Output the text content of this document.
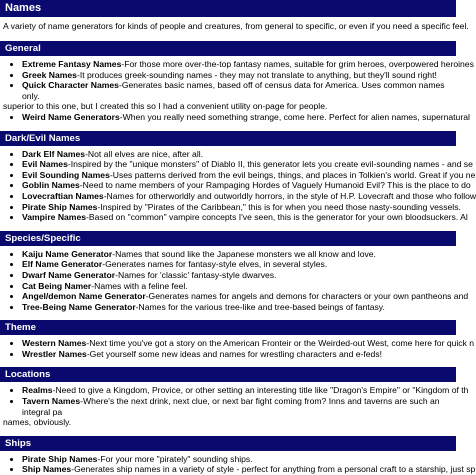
Names
A variety of name generators for kinds of people and creatures, from general to specific, or even if you need a specific feel.
General
• Extreme Fantasy Names-For those more over-the-top fantasy names, suitable for grim heroes, overpowered heroines
• Greek Names-It produces greek-sounding names - they may not translate to anything, but they'll sound right!
• Quick Character Names-Generates basic names, based off of census data for America. Uses common names only.
superior to this one, but I created this so I had a convenient utility on-page for people.
• Weird Name Generators-When you really need something strange, come here. Perfect for alien names, supernatural
Dark/Evil Names
• Dark Elf Names-Not all elves are nice, after all.
• Evil Names-Inspired by the "unique monsters" of Diablo II, this generator lets you create evil-sounding names - and se
• Evil Sounding Names-Uses patterns derived from the evil beings, things, and places in Tolkien's world. Great if you ne
• Goblin Names-Need to name members of your Rampaging Hordes of Vaguely Humanoid Evil? This is the place to do
• Lovecraftian Names-Names for otherworldly and outworldly horrors, in the style of H.P. Lovecraft and those who follow
• Pirate Ship Names-Inspired by "Pirates of the Caribbean," this is for when you need those nasty-sounding vessels.
• Vampire Names-Based on "common" vampire concepts I've seen, this is the generator for your own bloodsuckers. Al
Species/Specific
• Kaiju Name Generator-Names that sound like the Japanese monsters we all know and love.
• Elf Name Generator-Generates names for fantasy-style elves, in several styles.
• Dwarf Name Generator-Names for 'classic' fantasy-style dwarves.
• Cat Being Namer-Names with a feline feel.
• Angel/demon Name Generator-Generates names for angels and demons for characters or your own pantheons and
• Tree-Being Name Generator-Names for the various tree-like and tree-based beings of fantasy.
Theme
• Western Names-Next time you've got a story on the American Fronteir or the Weirded-out West, come here for quick n
• Wrestler Names-Get yourself some new ideas and names for wrestling characters and e-feds!
Locations
• Realms-Need to give a Kingdom, Provice, or other setting an interesting title like "Dragon's Empire" or "Kingdom of th
• Tavern Names-Where's the next drink, next clue, or next bar fight coming from? Inns and taverns are such an integral pa
names, obviously.
Ships
• Pirate Ship Names-For your more "pirately" sounding ships.
• Ship Names-Generates ship names in a variety of style - perfect for anything from a personal craft to a starship, just sp
